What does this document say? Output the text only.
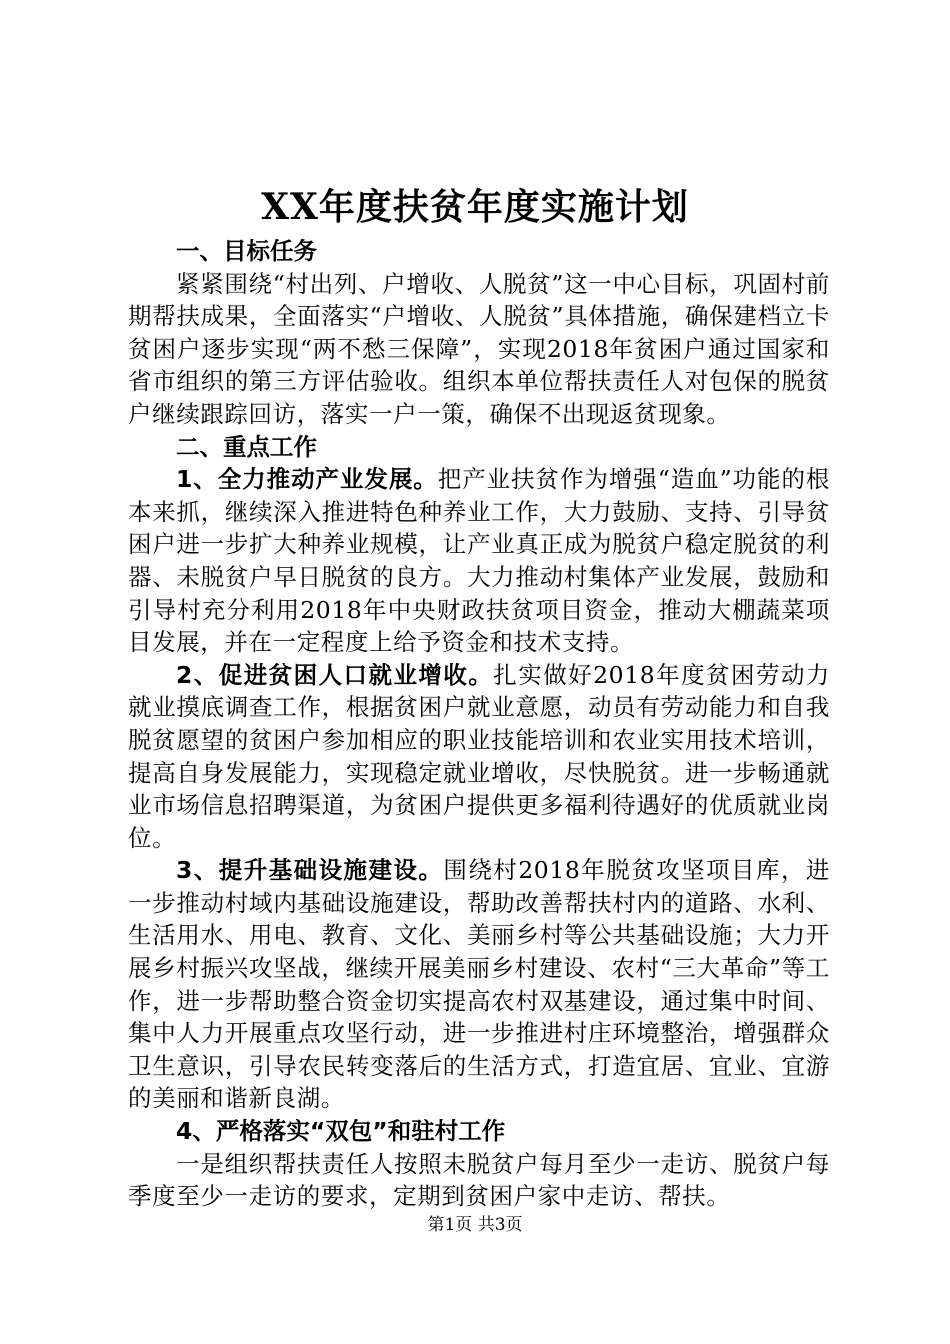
XX年度扶贫年度实施计划

一、目标任务

紧紧围绕“村出列、户增收、人脱贫”这一中心目标，巩固村前期帮扶成果，全面落实“户增收、人脱贫”具体措施，确保建档立卡贫困户逐步实现“两不愁三保障”，实现2018年贫困户通过国家和省市组织的第三方评估验收。组织本单位帮扶责任人对包保的脱贫户继续跟踪回访，落实一户一策，确保不出现返贫现象。

二、重点工作

1、全力推动产业发展。把产业扶贫作为增强“造血”功能的根本来抓，继续深入推进特色种养业工作，大力鼓励、支持、引导贫困户进一步扩大种养业规模，让产业真正成为脱贫户稳定脱贫的利器、未脱贫户早日脱贫的良方。大力推动村集体产业发展，鼓励和引导村充分利用2018年中央财政扶贫项目资金，推动大棚蔬菜项目发展，并在一定程度上给予资金和技术支持。

2、促进贫困人口就业增收。扎实做好2018年度贫困劳动力就业摸底调查工作，根据贫困户就业意愿，动员有劳动能力和自我脱贫愿望的贫困户参加相应的职业技能培训和农业实用技术培训，提高自身发展能力，实现稳定就业增收，尽快脱贫。进一步畅通就业市场信息招聘渠道，为贫困户提供更多福利待遇好的优质就业岗位。

3、提升基础设施建设。围绕村2018年脱贫攻坚项目库，进一步推动村域内基础设施建设，帮助改善帮扶村内的道路、水利、生活用水、用电、教育、文化、美丽乡村等公共基础设施；大力开展乡村振兴攻坚战，继续开展美丽乡村建设、农村“三大革命”等工作，进一步帮助整合资金切实提高农村双基建设，通过集中时间、集中人力开展重点攻坚行动，进一步推进村庄环境整治，增强群众卫生意识，引导农民转变落后的生活方式，打造宜居、宜业、宜游的美丽和谐新良湖。

4、严格落实“双包”和驻村工作

一是组织帮扶责任人按照未脱贫户每月至少一走访、脱贫户每季度至少一走访的要求，定期到贫困户家中走访、帮扶。

第1页 共3页
